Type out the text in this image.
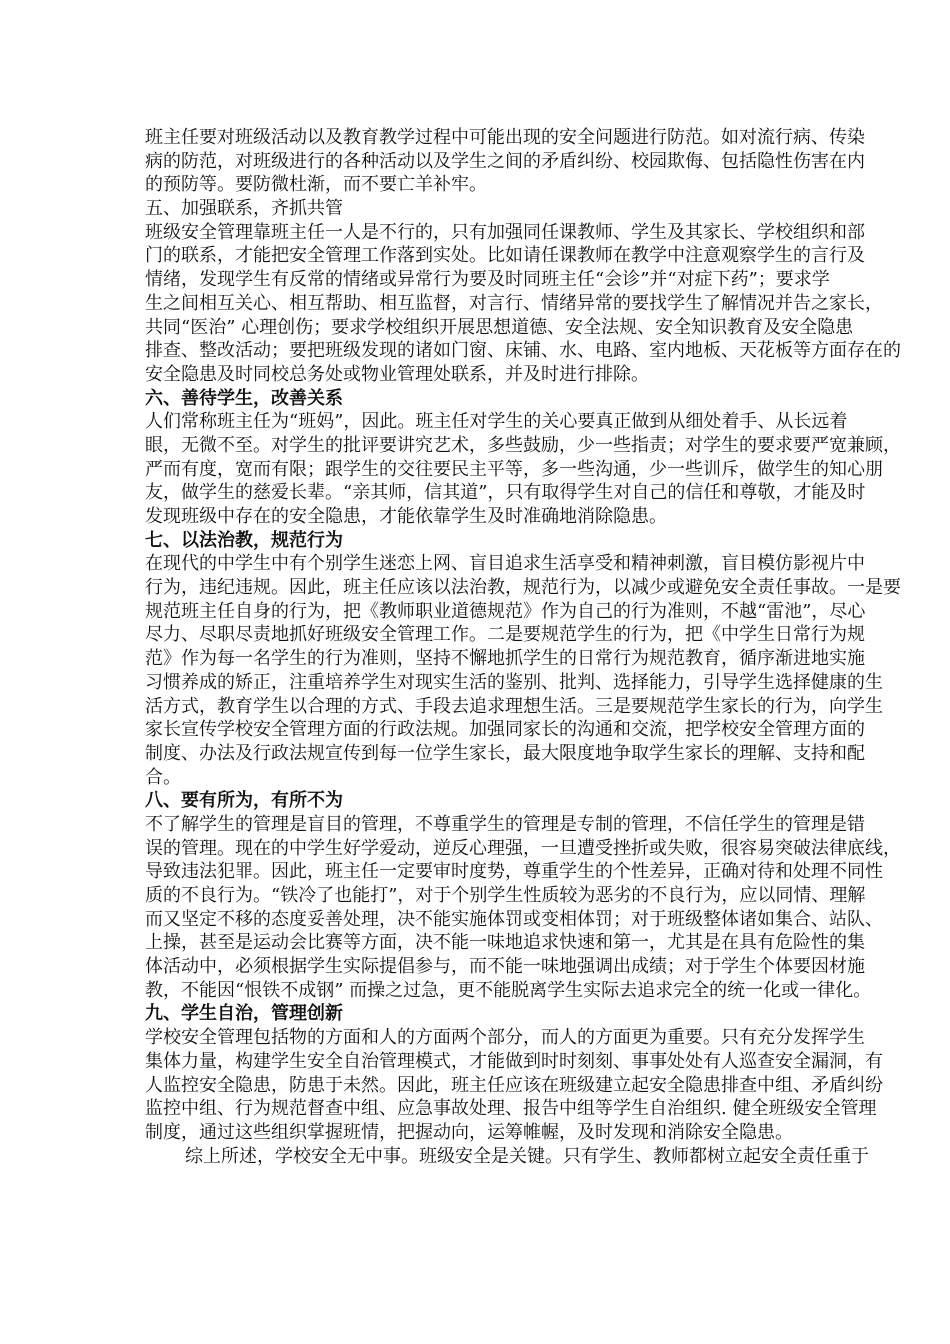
班主任要对班级活动以及教育教学过程中可能出现的安全问题进行防范。如对流行病、传染
病的防范，对班级进行的各种活动以及学生之间的矛盾纠纷、校园欺侮、包括隐性伤害在内
的预防等。要防微杜渐，而不要亡羊补牢。
五、加强联系，齐抓共管
班级安全管理靠班主任一人是不行的，只有加强同任课教师、学生及其家长、学校组织和部
门的联系，才能把安全管理工作落到实处。比如请任课教师在教学中注意观察学生的言行及
情绪，发现学生有反常的情绪或异常行为要及时同班主任“会诊”并“对症下药”；要求学
生之间相互关心、相互帮助、相互监督，对言行、情绪异常的要找学生了解情况并告之家长，
共同“医治” 心理创伤；要求学校组织开展思想道德、安全法规、安全知识教育及安全隐患
排查、整改活动；要把班级发现的诸如门窗、床铺、水、电路、室内地板、天花板等方面存在的
安全隐患及时同校总务处或物业管理处联系，并及时进行排除。
六、善待学生，改善关系
人们常称班主任为“班妈”，因此。班主任对学生的关心要真正做到从细处着手、从长远着
眼，无微不至。对学生的批评要讲究艺术，多些鼓励，少一些指责；对学生的要求要严宽兼顾，
严而有度，宽而有限；跟学生的交往要民主平等，多一些沟通，少一些训斥，做学生的知心朋
友，做学生的慈爱长辈。“亲其师，信其道”，只有取得学生对自己的信任和尊敬，才能及时
发现班级中存在的安全隐患，才能依靠学生及时准确地消除隐患。
七、以法治教，规范行为
在现代的中学生中有个别学生迷恋上网、盲目追求生活享受和精神刺激，盲目模仿影视片中
行为，违纪违规。因此，班主任应该以法治教，规范行为，以减少或避免安全责任事故。一是要
规范班主任自身的行为，把《教师职业道德规范》作为自己的行为准则，不越“雷池”，尽心
尽力、尽职尽责地抓好班级安全管理工作。二是要规范学生的行为，把《中学生日常行为规
范》作为每一名学生的行为准则，坚持不懈地抓学生的日常行为规范教育，循序渐进地实施
习惯养成的矫正，注重培养学生对现实生活的鉴别、批判、选择能力，引导学生选择健康的生
活方式，教育学生以合理的方式、手段去追求理想生活。三是要规范学生家长的行为，向学生
家长宣传学校安全管理方面的行政法规。加强同家长的沟通和交流，把学校安全管理方面的
制度、办法及行政法规宣传到每一位学生家长，最大限度地争取学生家长的理解、支持和配
合。
八、要有所为，有所不为
不了解学生的管理是盲目的管理，不尊重学生的管理是专制的管理，不信任学生的管理是错
误的管理。现在的中学生好学爱动，逆反心理强，一旦遭受挫折或失败，很容易突破法律底线，
导致违法犯罪。因此，班主任一定要审时度势，尊重学生的个性差异，正确对待和处理不同性
质的不良行为。“铁冷了也能打”，对于个别学生性质较为恶劣的不良行为，应以同情、理解
而又坚定不移的态度妥善处理，决不能实施体罚或变相体罚；对于班级整体诸如集合、站队、
上操，甚至是运动会比赛等方面，决不能一味地追求快速和第一，尤其是在具有危险性的集
体活动中，必须根据学生实际提倡参与，而不能一味地强调出成绩；对于学生个体要因材施
教，不能因“恨铁不成钢” 而操之过急，更不能脱离学生实际去追求完全的统一化或一律化。
九、学生自治，管理创新
学校安全管理包括物的方面和人的方面两个部分，而人的方面更为重要。只有充分发挥学生
集体力量，构建学生安全自治管理模式，才能做到时时刻刻、事事处处有人巡查安全漏洞，有
人监控安全隐患，防患于未然。因此，班主任应该在班级建立起安全隐患排查中组、矛盾纠纷
监控中组、行为规范督查中组、应急事故处理、报告中组等学生自治组织. 健全班级安全管理
制度，通过这些组织掌握班情，把握动向，运筹帷幄，及时发现和消除安全隐患。
综上所述，学校安全无中事。班级安全是关键。只有学生、教师都树立起安全责任重于
